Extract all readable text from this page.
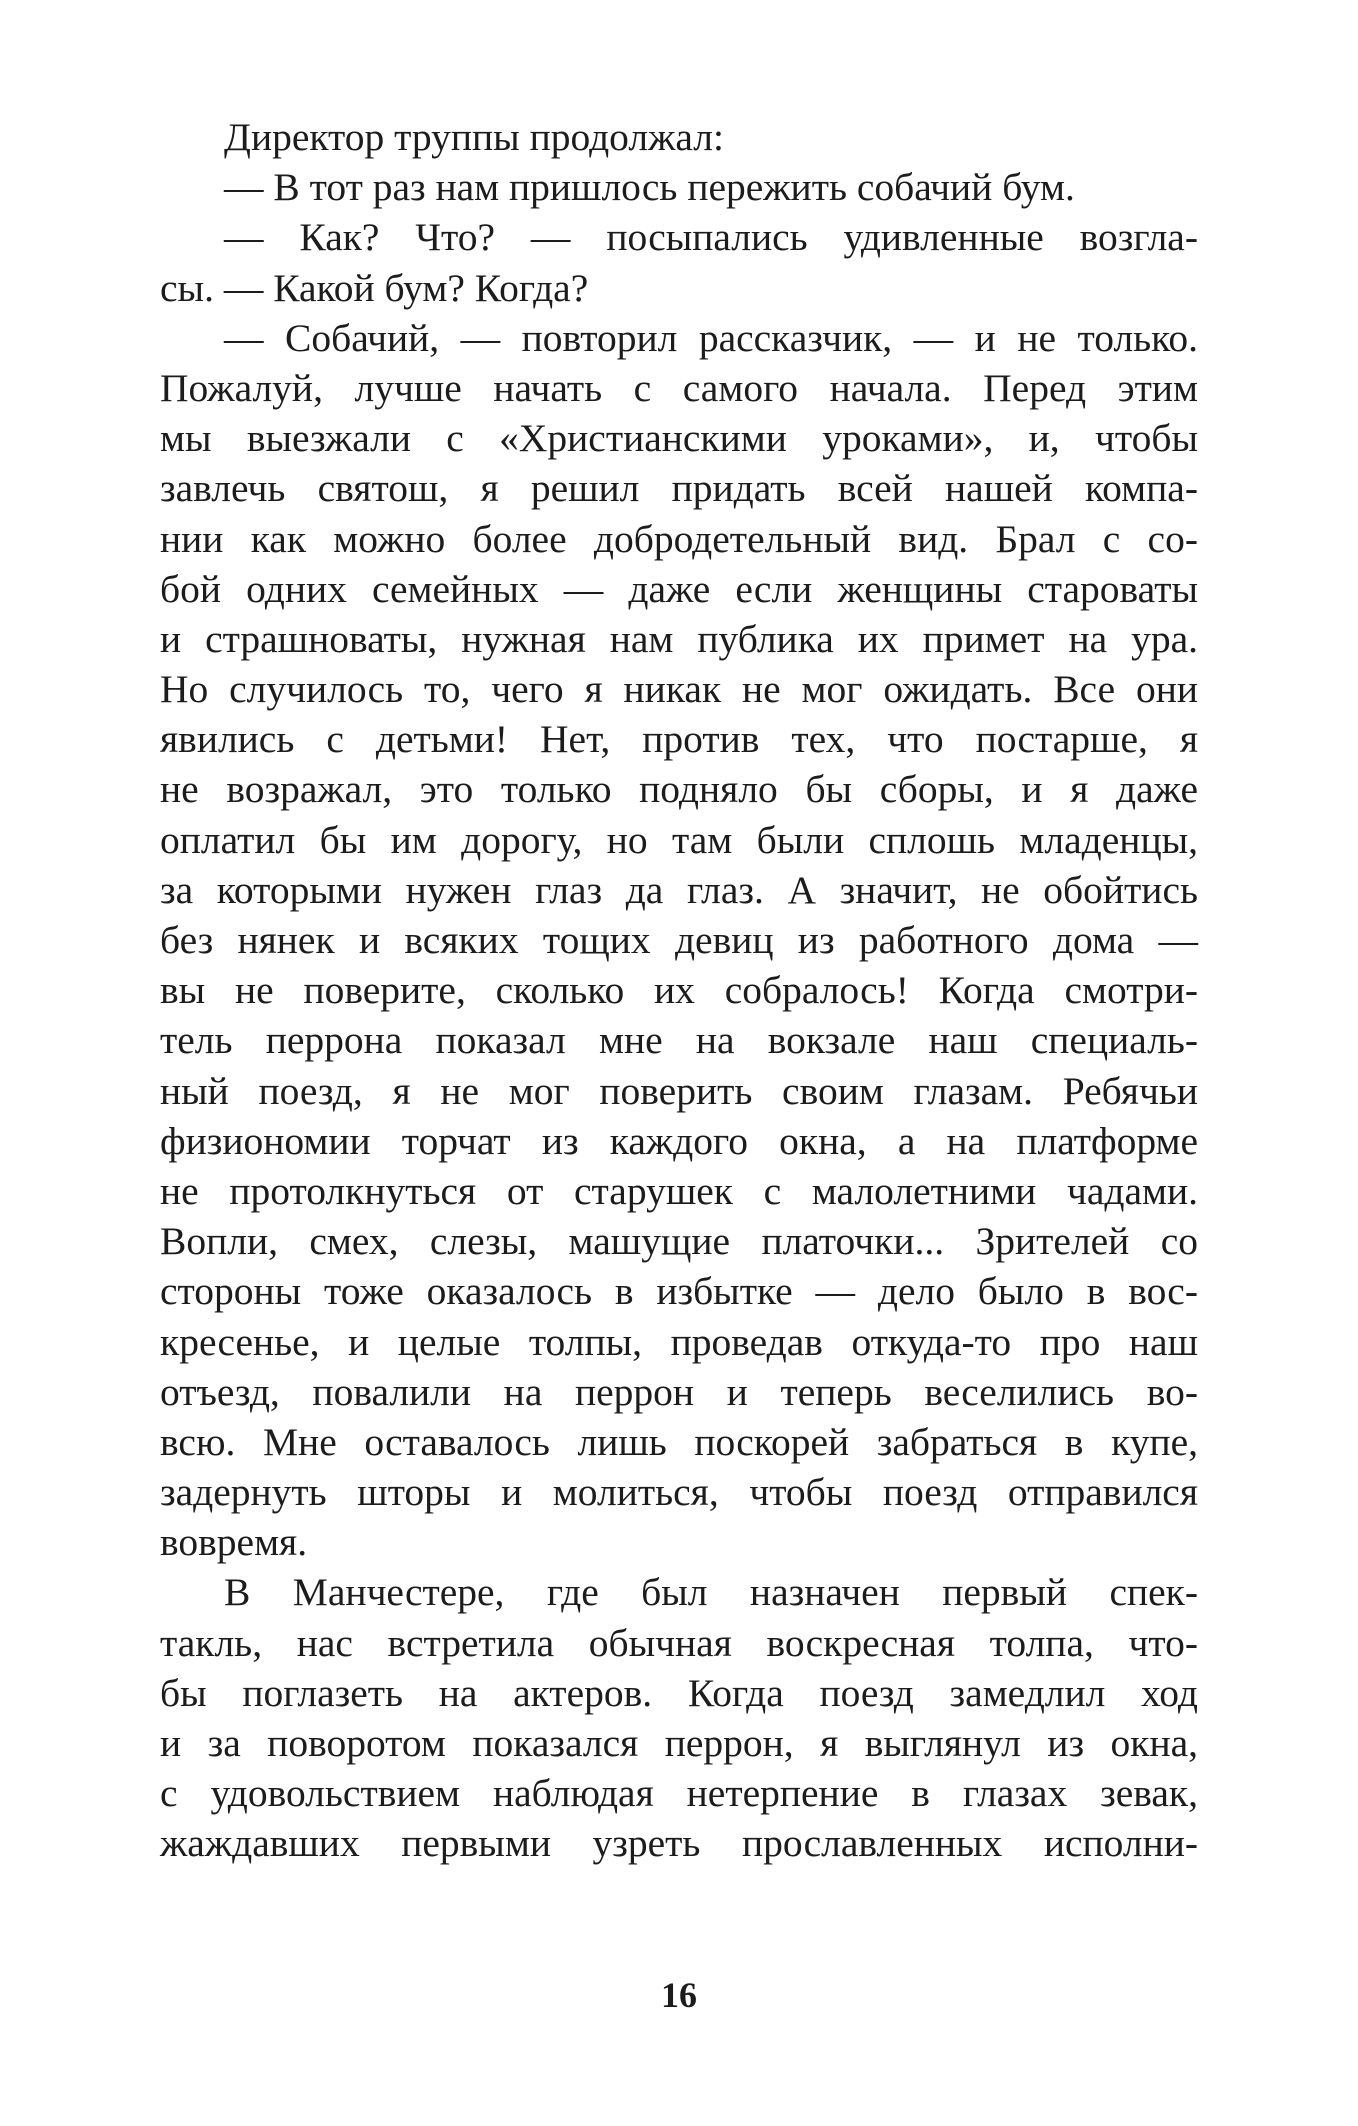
Директор труппы продолжал:
— В тот раз нам пришлось пережить собачий бум.
— Как? Что? — посыпались удивленные возгла-
сы. — Какой бум? Когда?
— Собачий, — повторил рассказчик, — и не только.
Пожалуй, лучше начать с самого начала. Перед этим
мы выезжали с «Христианскими уроками», и, чтобы
завлечь святош, я решил придать всей нашей компа-
нии как можно более добродетельный вид. Брал с со-
бой одних семейных — даже если женщины староваты
и страшноваты, нужная нам публика их примет на ура.
Но случилось то, чего я никак не мог ожидать. Все они
явились с детьми! Нет, против тех, что постарше, я
не возражал, это только подняло бы сборы, и я даже
оплатил бы им дорогу, но там были сплошь младенцы,
за которыми нужен глаз да глаз. А значит, не обойтись
без нянек и всяких тощих девиц из работного дома —
вы не поверите, сколько их собралось! Когда смотри-
тель перрона показал мне на вокзале наш специаль-
ный поезд, я не мог поверить своим глазам. Ребячьи
физиономии торчат из каждого окна, а на платформе
не протолкнуться от старушек с малолетними чадами.
Вопли, смех, слезы, машущие платочки... Зрителей со
стороны тоже оказалось в избытке — дело было в вос-
кресенье, и целые толпы, проведав откуда-то про наш
отъезд, повалили на перрон и теперь веселились во-
всю. Мне оставалось лишь поскорей забраться в купе,
задернуть шторы и молиться, чтобы поезд отправился
вовремя.
В Манчестере, где был назначен первый спек-
такль, нас встретила обычная воскресная толпа, что-
бы поглазеть на актеров. Когда поезд замедлил ход
и за поворотом показался перрон, я выглянул из окна,
с удовольствием наблюдая нетерпение в глазах зевак,
жаждавших первыми узреть прославленных исполни-
16
